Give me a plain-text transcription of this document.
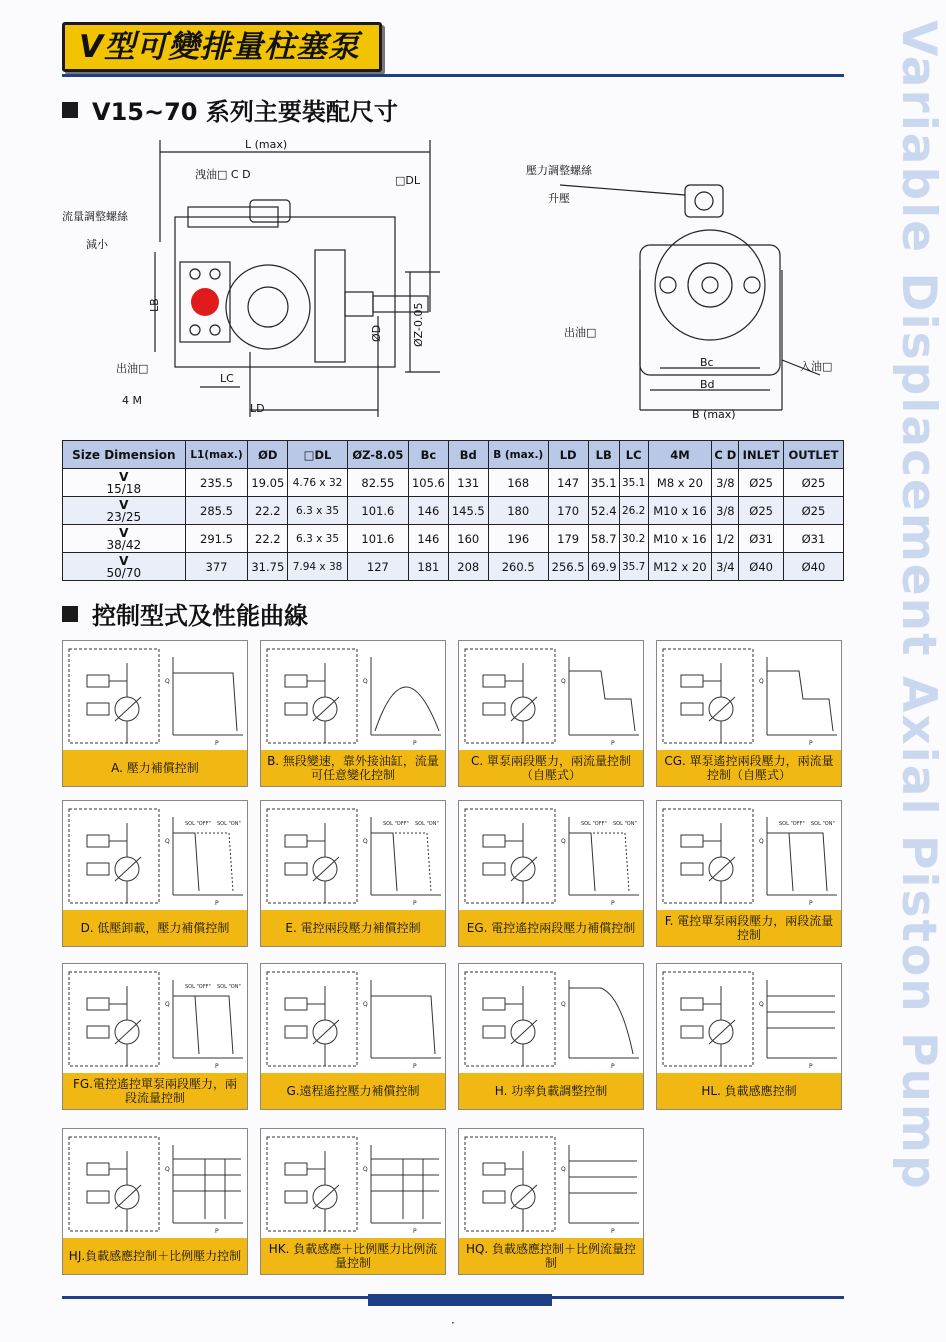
V型可變排量柱塞泵	Variable Displacement Axial Piston Pump
V15~70 系列主要裝配尺寸
L (max)
洩油□ C D	□DL
流量調整螺絲
減小
LB
出油□
LC
4 M
LD
ØD	ØZ-0.05
壓力調整螺絲
升壓
出油□
入油□
Bc
Bd
B (max)
Size Dimension	L1(max.)	ØD	□DL	ØZ-8.05	Bc	Bd	B (max.)	LD	LB	LC	4M	C D	INLET	OUTLET

V
15/18	235.5	19.05	4.76 x 32	82.55	105.6	131	168	147	35.1	35.1	M8 x 20	3/8	Ø25	Ø25

V
23/25	285.5	22.2	6.3 x 35	101.6	146	145.5	180	170	52.4	26.2	M10 x 16	3/8	Ø25	Ø25

V
38/42	291.5	22.2	6.3 x 35	101.6	146	160	196	179	58.7	30.2	M10 x 16	1/2	Ø31	Ø31

V
50/70	377	31.75	7.94 x 38	127	181	208	260.5	256.5	69.9	35.7	M12 x 20	3/4	Ø40	Ø40
控制型式及性能曲線
Q
P
A. 壓力補償控制
Q
P
B. 無段變速，靠外接油缸，流量可任意變化控制
Q
P
C. 單泵兩段壓力，兩流量控制（自壓式）
Q
P
CG. 單泵遙控兩段壓力，兩流量控制（自壓式）
Q
P
SOL "OFF" SOL "ON"
D. 低壓卸載，壓力補償控制
Q
P
SOL "OFF" SOL "ON"
E. 電控兩段壓力補償控制
Q
P
SOL "OFF" SOL "ON"
EG. 電控遙控兩段壓力補償控制
Q
P
SOL "OFF" SOL "ON"
F. 電控單泵兩段壓力，兩段流量控制
Q
P
SOL "OFF" SOL "ON"
FG.電控遙控單泵兩段壓力，兩段流量控制
Q
P
G.遠程遙控壓力補償控制
Q
P
H. 功率負載調整控制
Q
P
HL. 負載感應控制
Q
P
HJ.負載感應控制＋比例壓力控制
Q
P
HK. 負載感應＋比例壓力比例流量控制
Q
P
HQ. 負載感應控制＋比例流量控制
·
